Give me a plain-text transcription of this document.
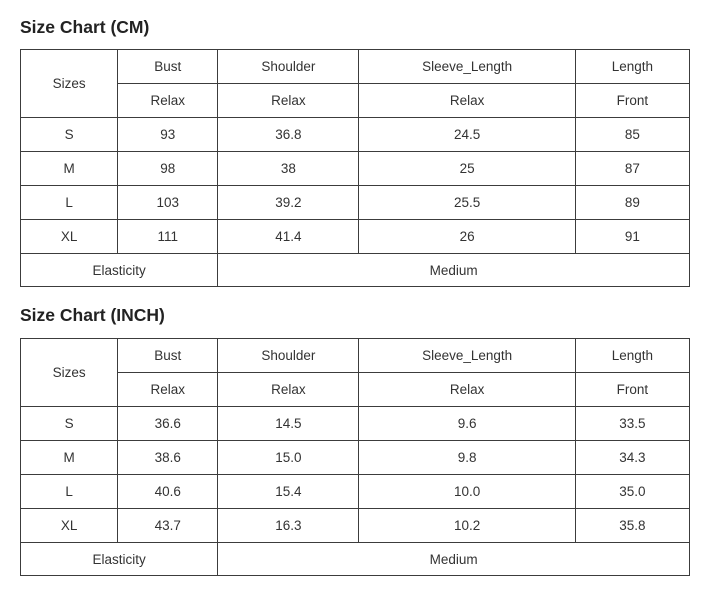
Size Chart (CM)
Sizes	Bust	Shoulder	Sleeve_Length	Length
	Relax	Relax	Relax	Front
S	93	36.8	24.5	85
M	98	38	25	87
L	103	39.2	25.5	89
XL	111	41.4	26	91
Elasticity		Medium		
Size Chart (INCH)
Sizes	Bust	Shoulder	Sleeve_Length	Length
	Relax	Relax	Relax	Front
S	36.6	14.5	9.6	33.5
M	38.6	15.0	9.8	34.3
L	40.6	15.4	10.0	35.0
XL	43.7	16.3	10.2	35.8
Elasticity		Medium		
